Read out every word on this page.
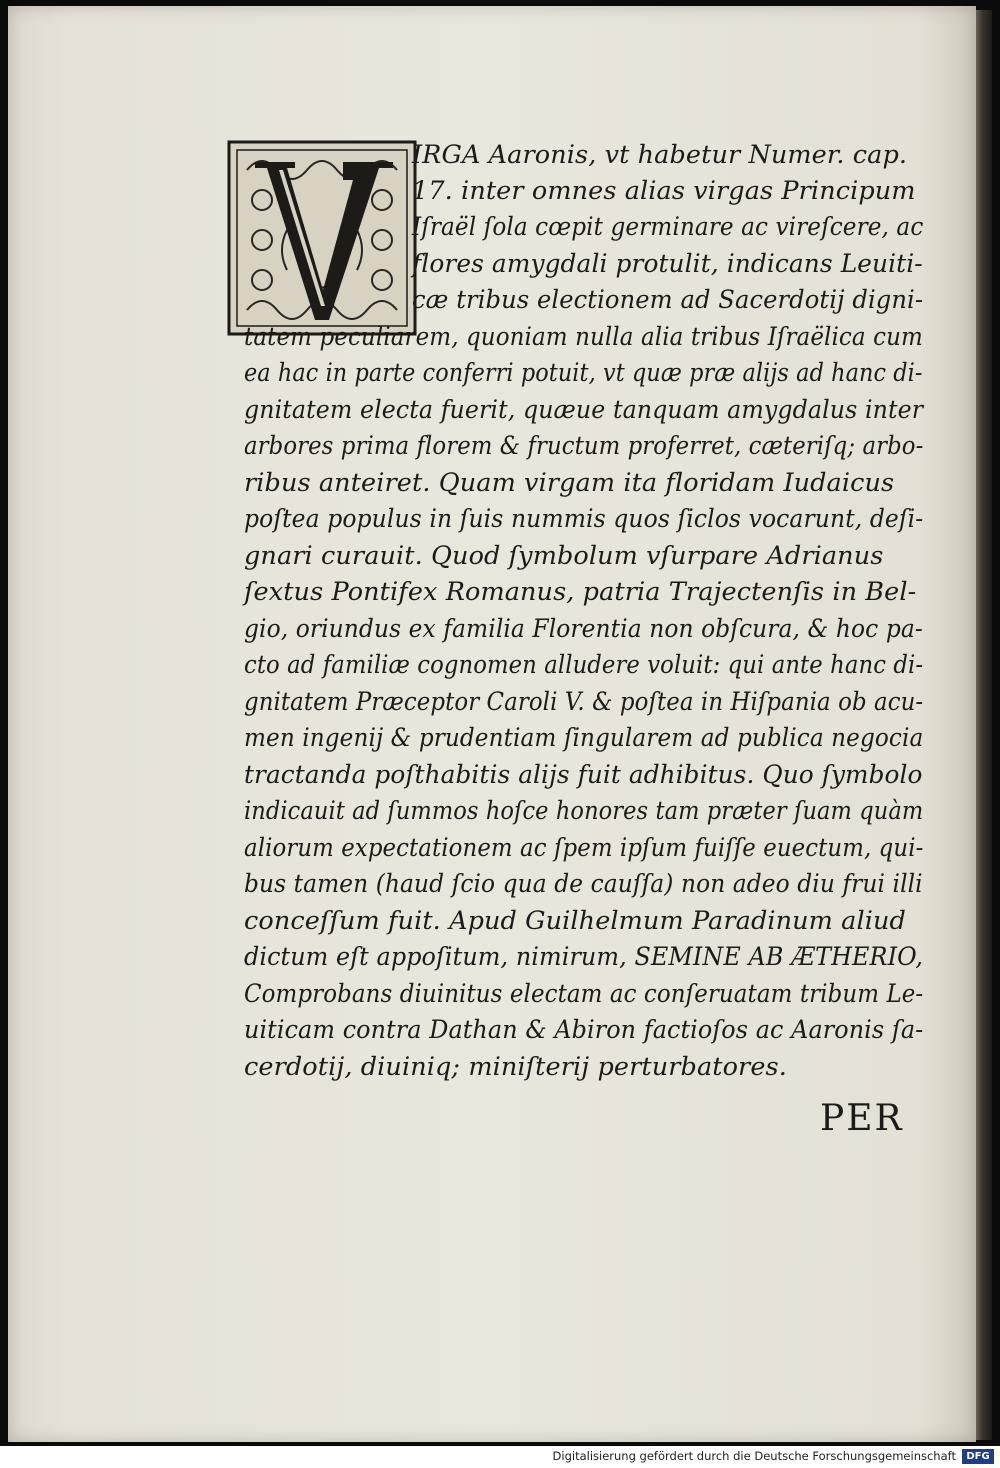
IRGA Aaronis, vt habetur Numer. cap.
17. inter omnes alias virgas Principum
Iſraël ſola cœpit germinare ac vireſcere, ac
flores amygdali protulit, indicans Leuiti-
cæ tribus electionem ad Sacerdotij digni-
tatem peculiarem, quoniam nulla alia tribus Iſraëlica cum
ea hac in parte conferri potuit, vt quæ præ alijs ad hanc di-
gnitatem electa fuerit, quæue tanquam amygdalus inter
arbores prima florem & fructum proferret, cæteriſq; arbo-
ribus anteiret. Quam virgam ita floridam Iudaicus
poſtea populus in ſuis nummis quos ſiclos vocarunt, deſi-
gnari curauit. Quod ſymbolum vſurpare Adrianus
ſextus Pontifex Romanus, patria Trajectenſis in Bel-
gio, oriundus ex familia Florentia non obſcura, & hoc pa-
cto ad familiæ cognomen alludere voluit: qui ante hanc di-
gnitatem Præceptor Caroli V. & poſtea in Hiſpania ob acu-
men ingenij & prudentiam ſingularem ad publica negocia
tractanda poſthabitis alijs fuit adhibitus. Quo ſymbolo
indicauit ad ſummos hoſce honores tam præter ſuam quàm
aliorum expectationem ac ſpem ipſum fuiſſe euectum, qui-
bus tamen (haud ſcio qua de cauſſa) non adeo diu frui illi
conceſſum fuit. Apud Guilhelmum Paradinum aliud
dictum eſt appoſitum, nimirum, SEMINE AB ÆTHERIO,
Comprobans diuinitus electam ac conſeruatam tribum Le-
uiticam contra Dathan & Abiron factioſos ac Aaronis ſa-
cerdotij, diuiniq; miniſterij perturbatores.
PER
Digitalisierung gefördert durch die Deutsche Forschungsgemeinschaft	DFG
